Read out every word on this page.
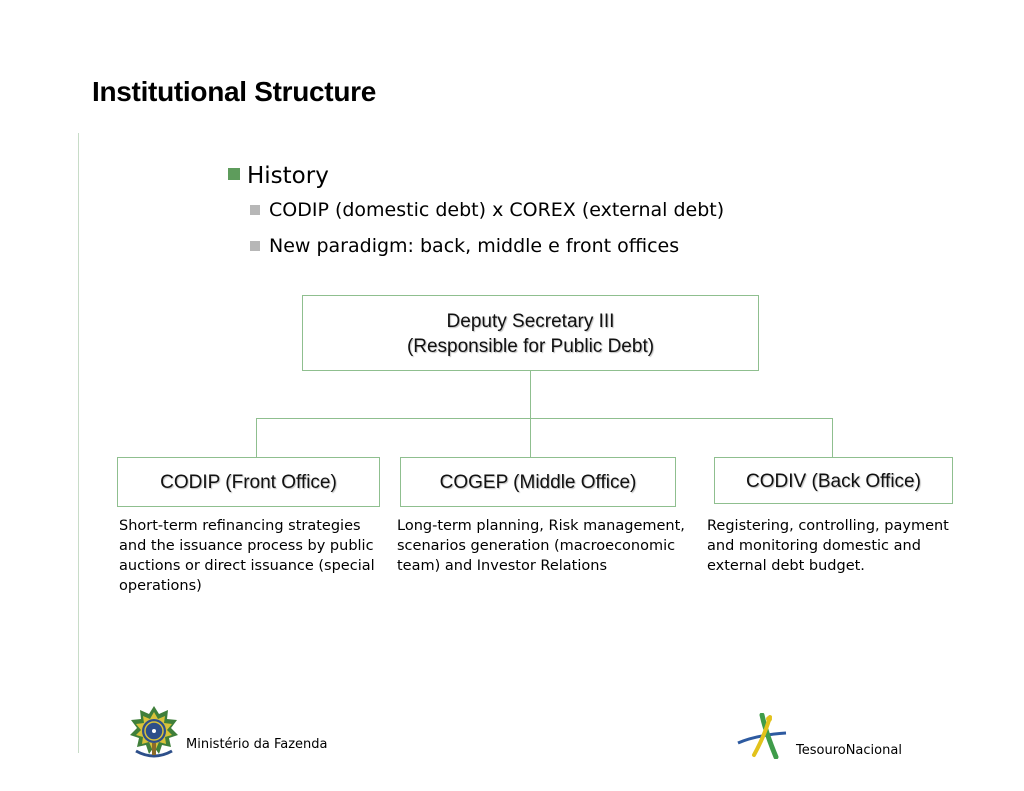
Institutional Structure
History
CODIP (domestic debt) x COREX (external debt)
New paradigm: back, middle e front offices
Deputy Secretary III
(Responsible for Public Debt)
CODIP (Front Office)	COGEP (Middle Office)	CODIV (Back Office)
Short-term refinancing strategies and the issuance process by public auctions or direct issuance (special operations)
Long-term planning, Risk management, scenarios generation (macroeconomic team) and Investor Relations
Registering, controlling, payment and monitoring domestic and external debt budget.
Ministério da Fazenda	TesouroNacional
